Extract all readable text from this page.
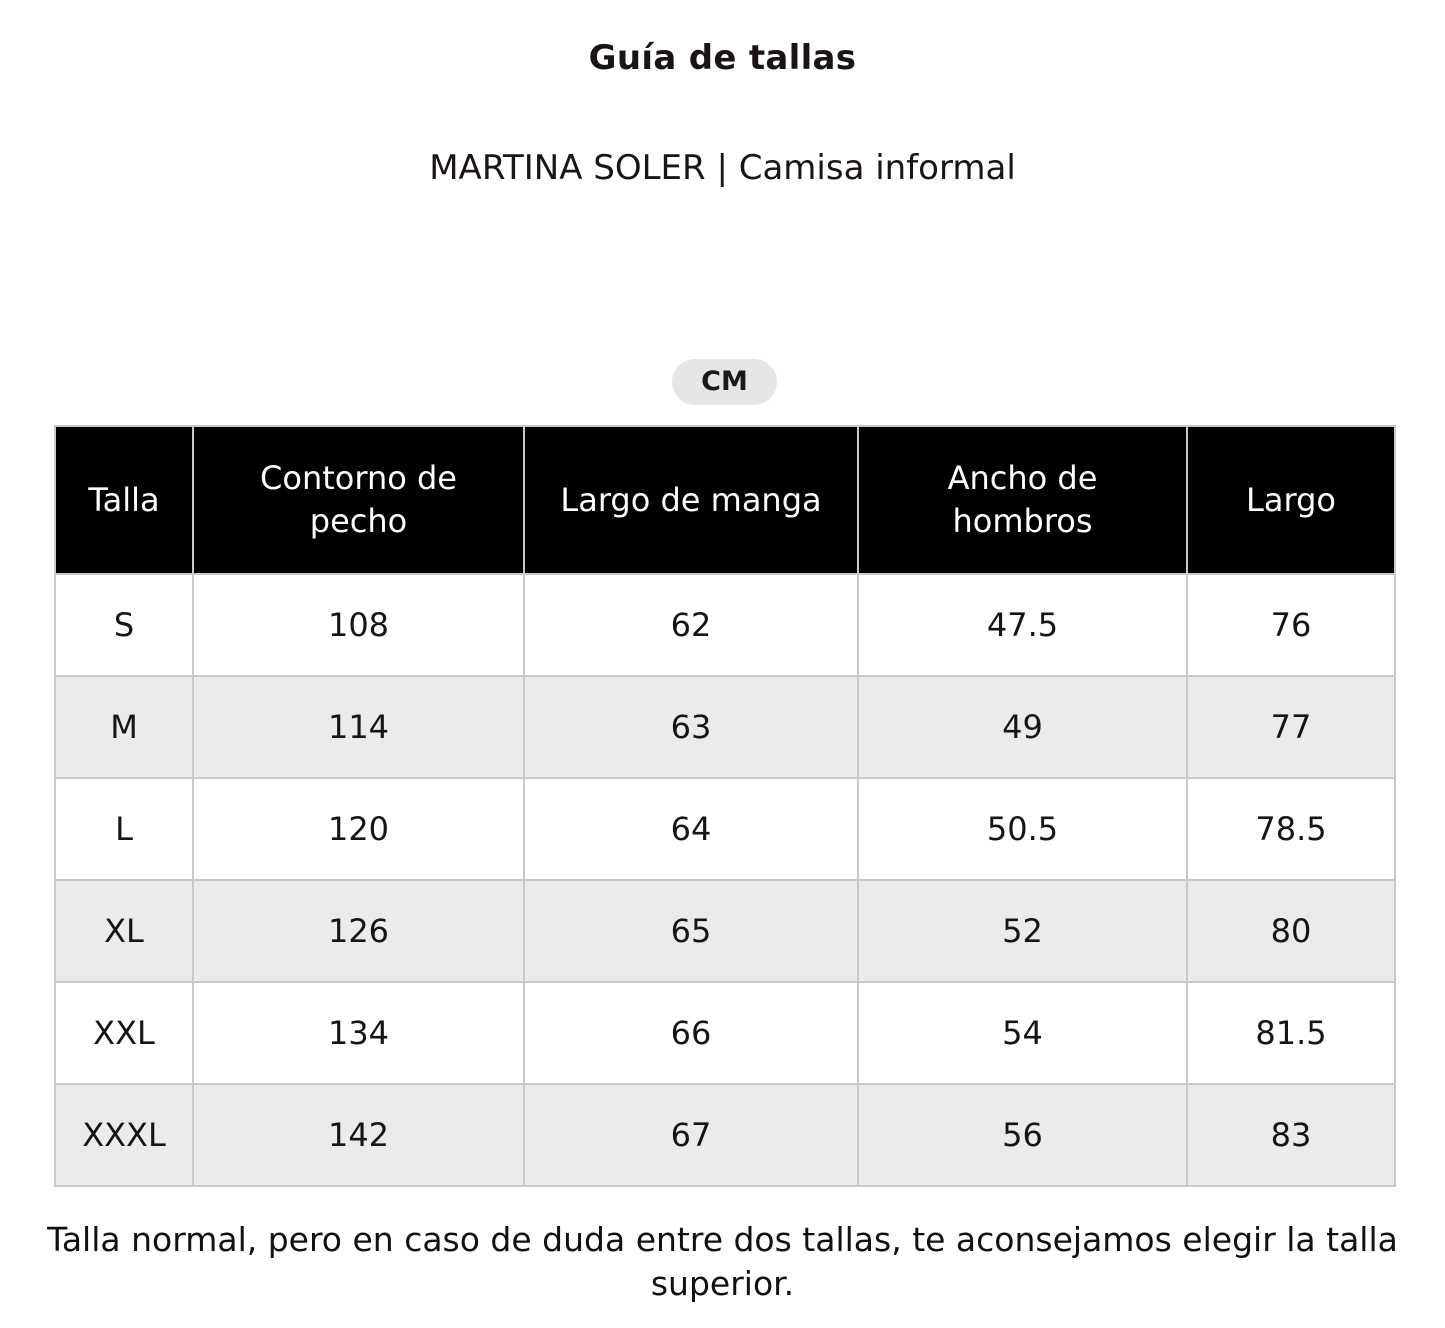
Guía de tallas
MARTINA SOLER | Camisa informal
CM
Talla	Contorno de pecho	Largo de manga	Ancho de hombros	Largo
S	108	62	47.5	76
M	114	63	49	77
L	120	64	50.5	78.5
XL	126	65	52	80
XXL	134	66	54	81.5
XXXL	142	67	56	83
Talla normal, pero en caso de duda entre dos tallas, te aconsejamos elegir la talla superior.
